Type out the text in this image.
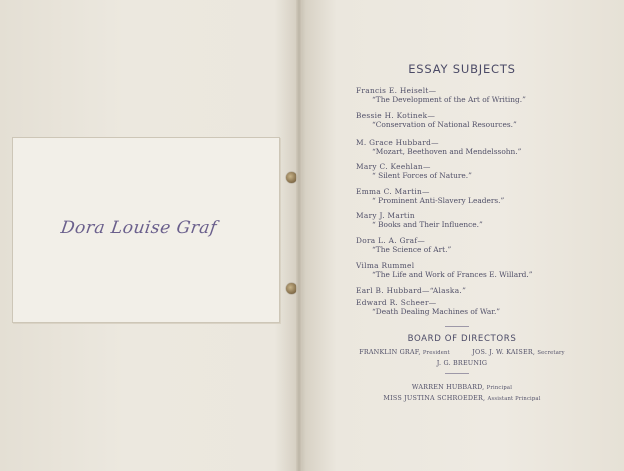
Dora Louise Graf
ESSAY SUBJECTS
Francis E. Heiselt—
“The Development of the Art of Writing.”
Bessie H. Kotinek—
“Conservation of National Resources.”
M. Grace Hubbard—
“Mozart, Beethoven and Mendelssohn.”
Mary C. Keehlan—
“ Silent Forces of Nature.”
Emma C. Martin—
“ Prominent Anti-Slavery Leaders.”
Mary J. Martin
“ Books and Their Influence.”
Dora L. A. Graf—
“The Science of Art.”
Vilma Rummel
“The Life and Work of Frances E. Willard.”
Earl B. Hubbard—“Alaska.”
Edward R. Scheer—
“Death Dealing Machines of War.”
BOARD OF DIRECTORS
FRANKLIN GRAF, President	JOS. J. W. KAISER, Secretary
J. G. BREUNIG
WARREN HUBBARD, Principal
MISS JUSTINA SCHROEDER, Assistant Principal
